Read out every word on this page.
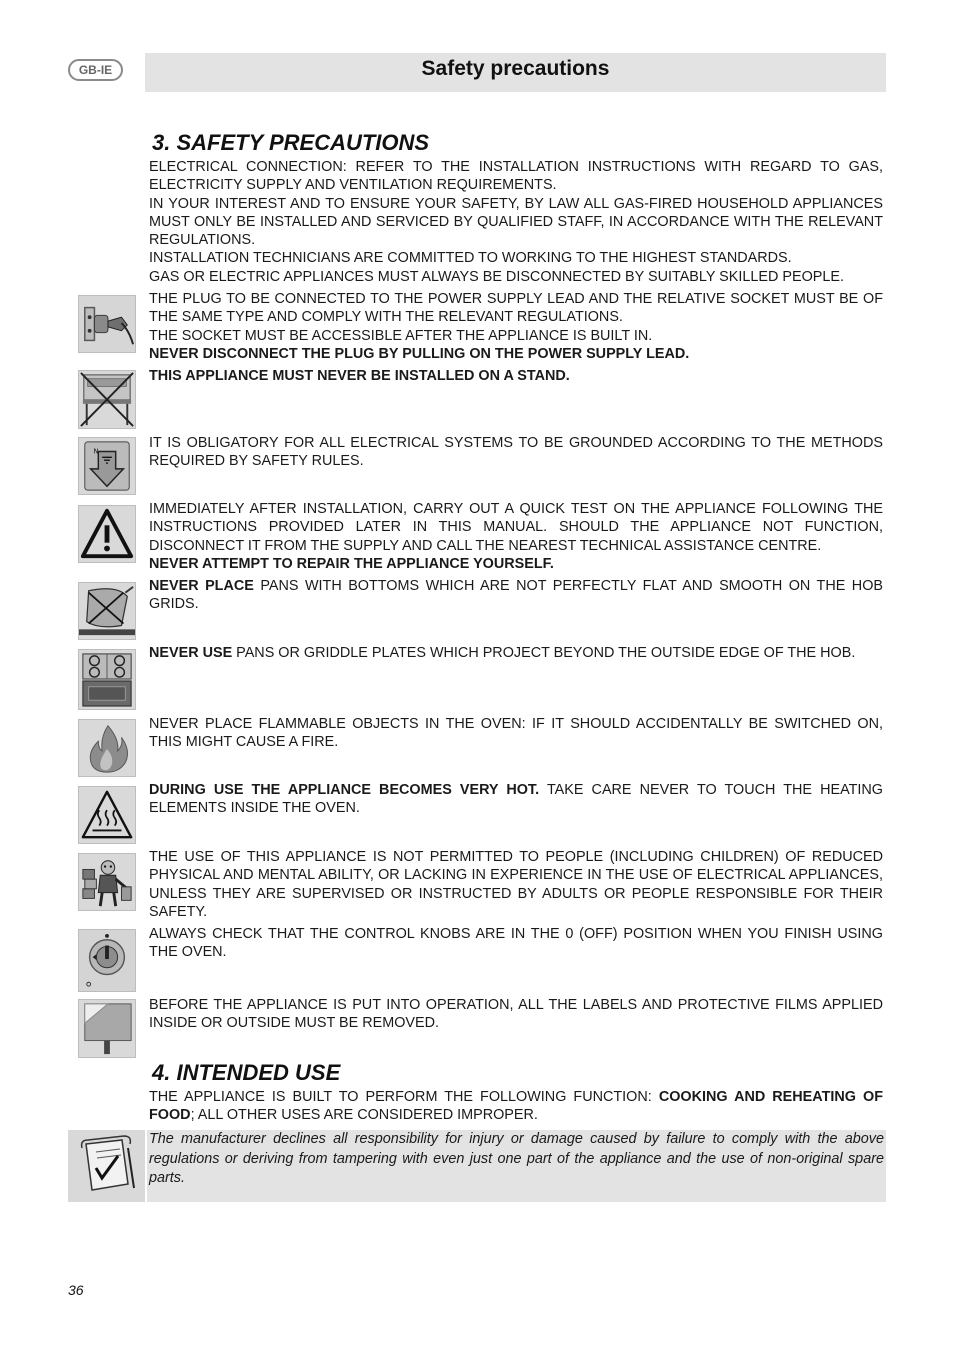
GB-IE	Safety precautions
3. SAFETY PRECAUTIONS

ELECTRICAL CONNECTION: REFER TO THE INSTALLATION INSTRUCTIONS WITH REGARD TO GAS, ELECTRICITY SUPPLY AND VENTILATION REQUIREMENTS.

IN YOUR INTEREST AND TO ENSURE YOUR SAFETY, BY LAW ALL GAS-FIRED HOUSEHOLD APPLIANCES MUST ONLY BE INSTALLED AND SERVICED BY QUALIFIED STAFF, IN ACCORDANCE WITH THE RELEVANT REGULATIONS.

INSTALLATION TECHNICIANS ARE COMMITTED TO WORKING TO THE HIGHEST STANDARDS.

GAS OR ELECTRIC APPLIANCES MUST ALWAYS BE DISCONNECTED BY SUITABLY SKILLED PEOPLE.

THE PLUG TO BE CONNECTED TO THE POWER SUPPLY LEAD AND THE RELATIVE SOCKET MUST BE OF THE SAME TYPE AND COMPLY WITH THE RELEVANT REGULATIONS.

THE SOCKET MUST BE ACCESSIBLE AFTER THE APPLIANCE IS BUILT IN.

NEVER DISCONNECT THE PLUG BY PULLING ON THE POWER SUPPLY LEAD.

THIS APPLIANCE MUST NEVER BE INSTALLED ON A STAND.

N

IT IS OBLIGATORY FOR ALL ELECTRICAL SYSTEMS TO BE GROUNDED ACCORDING TO THE METHODS REQUIRED BY SAFETY RULES.

IMMEDIATELY AFTER INSTALLATION, CARRY OUT A QUICK TEST ON THE APPLIANCE FOLLOWING THE INSTRUCTIONS PROVIDED LATER IN THIS MANUAL. SHOULD THE APPLIANCE NOT FUNCTION, DISCONNECT IT FROM THE SUPPLY AND CALL THE NEAREST TECHNICAL ASSISTANCE CENTRE.

NEVER ATTEMPT TO REPAIR THE APPLIANCE YOURSELF.

NEVER PLACE PANS WITH BOTTOMS WHICH ARE NOT PERFECTLY FLAT AND SMOOTH ON THE HOB GRIDS.

NEVER USE PANS OR GRIDDLE PLATES WHICH PROJECT BEYOND THE OUTSIDE EDGE OF THE HOB.

NEVER PLACE FLAMMABLE OBJECTS IN THE OVEN: IF IT SHOULD ACCIDENTALLY BE SWITCHED ON, THIS MIGHT CAUSE A FIRE.

DURING USE THE APPLIANCE BECOMES VERY HOT. TAKE CARE NEVER TO TOUCH THE HEATING ELEMENTS INSIDE THE OVEN.

THE USE OF THIS APPLIANCE IS NOT PERMITTED TO PEOPLE (INCLUDING CHILDREN) OF REDUCED PHYSICAL AND MENTAL ABILITY, OR LACKING IN EXPERIENCE IN THE USE OF ELECTRICAL APPLIANCES, UNLESS THEY ARE SUPERVISED OR INSTRUCTED BY ADULTS OR PEOPLE RESPONSIBLE FOR THEIR SAFETY.

ALWAYS CHECK THAT THE CONTROL KNOBS ARE IN THE 0 (OFF) POSITION WHEN YOU FINISH USING THE OVEN.

BEFORE THE APPLIANCE IS PUT INTO OPERATION, ALL THE LABELS AND PROTECTIVE FILMS APPLIED INSIDE OR OUTSIDE MUST BE REMOVED.

4. INTENDED USE

THE APPLIANCE IS BUILT TO PERFORM THE FOLLOWING FUNCTION: COOKING AND REHEATING OF FOOD; ALL OTHER USES ARE CONSIDERED IMPROPER.

The manufacturer declines all responsibility for injury or damage caused by failure to comply with the above regulations or deriving from tampering with even just one part of the appliance and the use of non-original spare parts.
36
